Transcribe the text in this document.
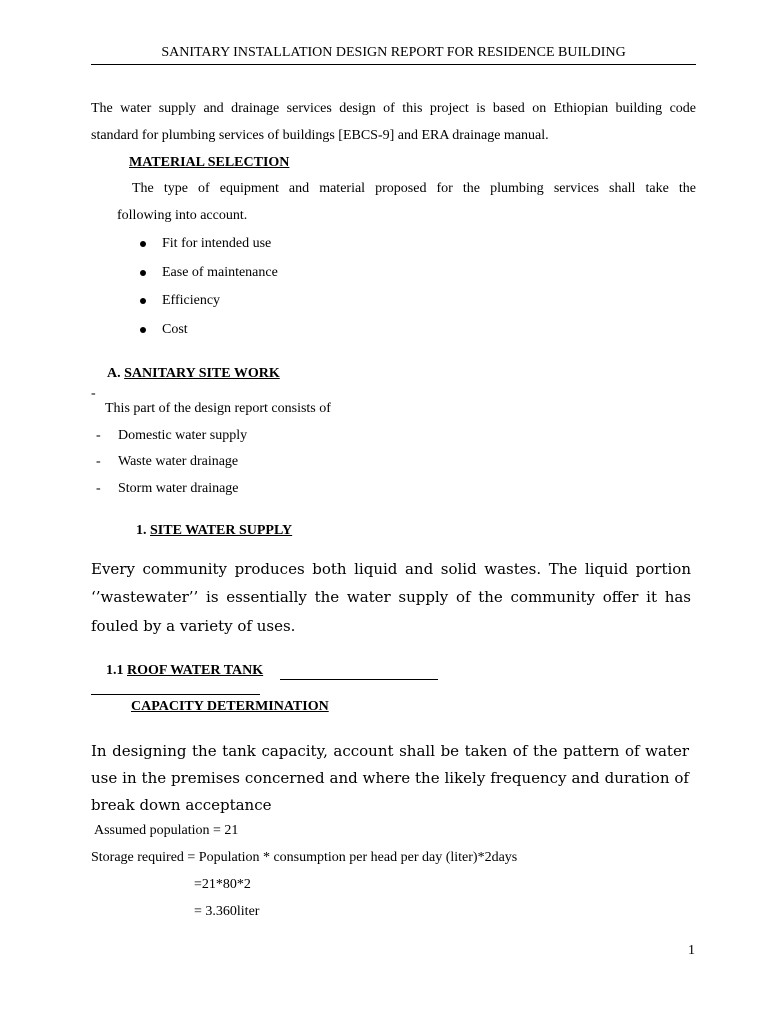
SANITARY INSTALLATION DESIGN REPORT FOR RESIDENCE BUILDING
The water supply and drainage services design of this project is based on Ethiopian building code
standard for plumbing services of buildings [EBCS-9] and ERA drainage manual.
MATERIAL SELECTION
The type of equipment and material proposed for the plumbing services shall take the
following into account.
Fit for intended use
Ease of maintenance
Efficiency
Cost
A. SANITARY SITE WORK
-
This part of the design report consists of
- Domestic water supply
- Waste water drainage
- Storm water drainage
1. SITE WATER SUPPLY
Every community produces both liquid and solid wastes. The liquid portion
‘’wastewater’’ is essentially the water supply of the community offer it has
fouled by a variety of uses.
1.1 ROOF WATER TANK
CAPACITY DETERMINATION
In designing the tank capacity, account shall be taken of the pattern of water
use in the premises concerned and where the likely frequency and duration of
break down acceptance
Assumed population = 21
Storage required = Population * consumption per head per day (liter)*2days
=21*80*2
= 3.360liter
1
